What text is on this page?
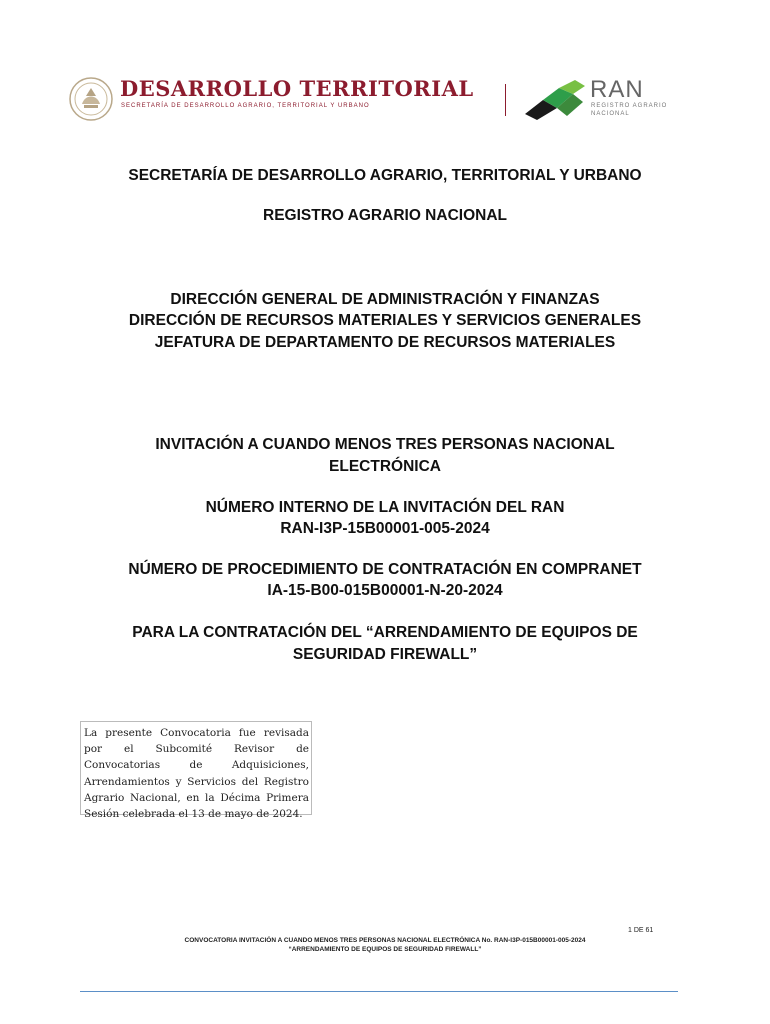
DESARROLLO TERRITORIAL
SECRETARÍA DE DESARROLLO AGRARIO, TERRITORIAL Y URBANO
RAN
REGISTRO AGRARIO
NACIONAL
SECRETARÍA DE DESARROLLO AGRARIO, TERRITORIAL Y URBANO
REGISTRO AGRARIO NACIONAL
DIRECCIÓN GENERAL DE ADMINISTRACIÓN Y FINANZAS
DIRECCIÓN DE RECURSOS MATERIALES Y SERVICIOS GENERALES
JEFATURA DE DEPARTAMENTO DE RECURSOS MATERIALES
INVITACIÓN A CUANDO MENOS TRES PERSONAS NACIONAL
ELECTRÓNICA
NÚMERO INTERNO DE LA INVITACIÓN DEL RAN
RAN-I3P-15B00001-005-2024
NÚMERO DE PROCEDIMIENTO DE CONTRATACIÓN EN COMPRANET
IA-15-B00-015B00001-N-20-2024
PARA LA CONTRATACIÓN DEL “ARRENDAMIENTO DE EQUIPOS DE
SEGURIDAD FIREWALL”
La presente Convocatoria fue revisada por el Subcomité Revisor de Convocatorias de Adquisiciones, Arrendamientos y Servicios del Registro Agrario Nacional, en la Décima Primera Sesión celebrada el 13 de mayo de 2024.
1 DE 61
CONVOCATORIA INVITACIÓN A CUANDO MENOS TRES PERSONAS NACIONAL ELECTRÓNICA No. RAN-I3P-015B00001-005-2024
“ARRENDAMIENTO DE EQUIPOS DE SEGURIDAD FIREWALL”
